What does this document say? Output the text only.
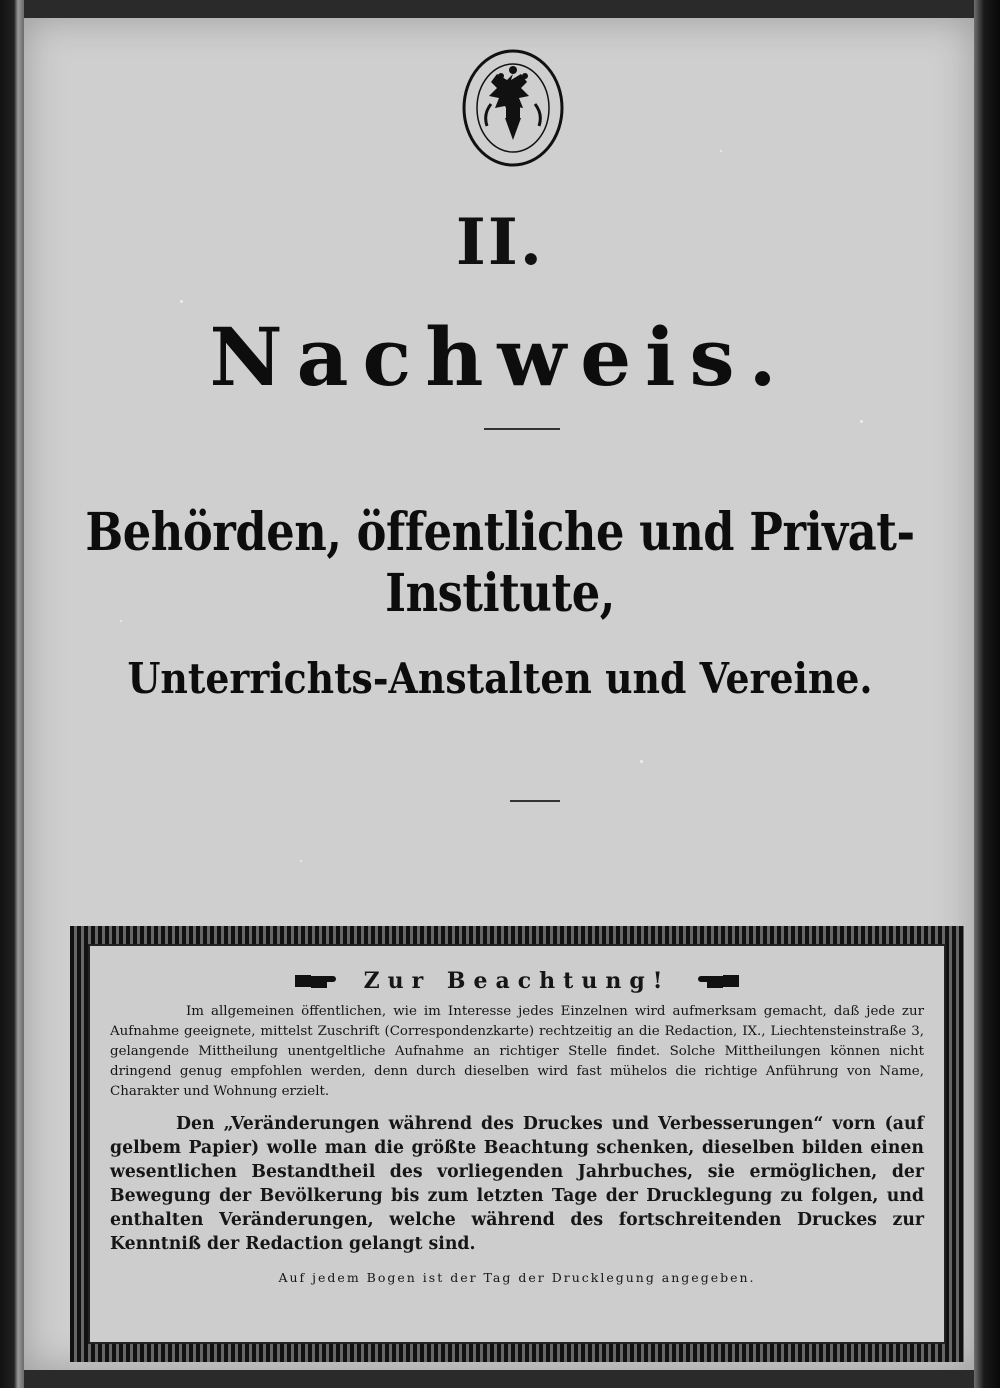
II.
Nachweis.
Behörden, öffentliche und Privat-Institute,
Unterrichts-Anstalten und Vereine.
Zur Beachtung!

Im allgemeinen öffentlichen, wie im Interesse jedes Einzelnen wird aufmerksam gemacht, daß jede zur Aufnahme geeignete, mittelst Zuschrift (Correspondenzkarte) rechtzeitig an die Redaction, IX., Liechtensteinstraße 3, gelangende Mittheilung unentgeltliche Aufnahme an richtiger Stelle findet. Solche Mittheilungen können nicht dringend genug empfohlen werden, denn durch dieselben wird fast mühelos die richtige Anführung von Name, Charakter und Wohnung erzielt.

Den „Veränderungen während des Druckes und Verbesserungen“ vorn (auf gelbem Papier) wolle man die größte Beachtung schenken, dieselben bilden einen wesentlichen Bestandtheil des vorliegenden Jahrbuches, sie ermöglichen, der Bewegung der Bevölkerung bis zum letzten Tage der Drucklegung zu folgen, und enthalten Veränderungen, welche während des fortschreitenden Druckes zur Kenntniß der Redaction gelangt sind.

Auf jedem Bogen ist der Tag der Drucklegung angegeben.
